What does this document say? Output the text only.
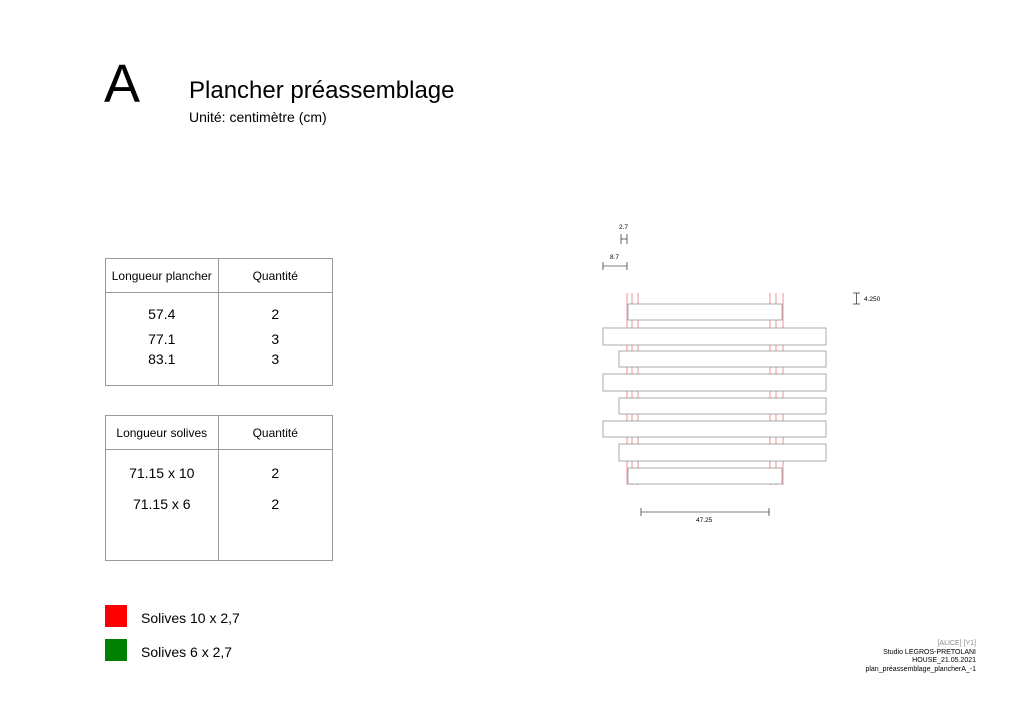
A Plancher préassemblage
Unité: centimètre (cm)
Longueur plancher	Quantité
57.4	2
77.1	3
83.1	3
Longueur solives	Quantité
71.15 x 10	2
71.15 x 6	2
Solives 10 x 2,7
Solives 6 x 2,7
2.7
8.7
4.250
47.25
[ALICE] [Y1]
Studio LEGROS-PRETOLANI
HOUSE_21.05.2021
plan_préassemblage_plancherA_-1
